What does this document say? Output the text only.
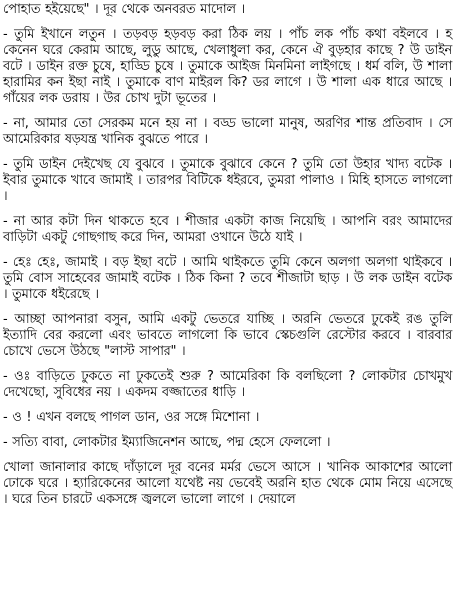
পোহাত হইয়েছে" । দূর থেকে অনবরত মাদোল ।

- তুমি ইখানে লতুন । তড়বড় হড়বড় করা ঠিক লয় । পাঁচ লক পাঁচ কথা বইলবে । হ কেনেন ঘরে কেরাম আছে, লুডু আছে, খেলাধুলা কর, কেনে ঐ বুড়হার কাছে ? উ ডাইন বটে । ডাইন রক্ত চুষে, হাড্ডি চুষে । তুমাকে আইজ মিনমিনা লাইগছে । ধর্ম বলি, উ শালা হারামির কন ইছা নাই । তুমাকে বাণ মাইরল কি? ডর লাগে । উ শালা এক ধারে আছে । গাঁয়ের লক ডরায় । উর চোখ দুটা ভূতের ।

- না, আমার তো সেরকম মনে হয় না । বড্ড ভালো মানুষ, অরণির শান্ত প্রতিবাদ । সে আমেরিকার ষড়যন্ত্র খানিক বুঝতে পারে ।

- তুমি ডাইন দেইখেছ যে বুঝবে । তুমাকে বুঝাবে কেনে ? তুমি তো উহার খাদ্য বটেক । ইবার তুমাকে খাবে জামাই । তারপর বিটিকে ধইরবে, তুমরা পালাও । মিহি হাসতে লাগলো ।

- না আর কটা দিন থাকতে হবে । শীজার একটা কাজ নিয়েছি । আপনি বরং আমাদের বাড়িটা একটু গোছগাছ করে দিন, আমরা ওখানে উঠে যাই ।

- হেঃ হেঃ, জামাই । বড় ইছা বটে । আমি থাইকতে তুমি কেনে অলগা অলগা থাইকবে । তুমি বোস সাহেবের জামাই বটেক । ঠিক কিনা ? তবে শীজাটা ছাড় । উ লক ডাইন বটেক । তুমাকে ধইরেছে ।

- আচ্ছা আপনারা বসুন, আমি একটু ভেতরে যাচ্ছি । অরনি ভেতরে ঢুকেই রঙ তুলি ইত্যাদি বের করলো এবং ভাবতে লাগলো কি ভাবে স্কেচগুলি রেস্টোর করবে । বারবার চোখে ভেসে উঠছে "লাস্ট সাপার" ।

- ওঃ বাড়িতে ঢুকতে না ঢুকতেই শুরু ? আমেরিকা কি বলছিলো ? লোকটার চোখমুখ দেখেছো, সুবিধের নয় । একদম বজ্জাতের ধাড়ি ।

- ও ! এখন বলছে পাগল ডান, ওর সঙ্গে মিশোনা ।

- সত্যি বাবা, লোকটার ইম্যাজিনেশন আছে, পদ্ম হেসে ফেললো ।

খোলা জানালার কাছে দাঁড়ালে দূর বনের মর্মর ভেসে আসে । খানিক আকাশের আলো ঢোকে ঘরে । হ্যারিকেনের আলো যথেষ্ট নয় ভেবেই অরনি হাত থেকে মোম নিয়ে এসেছে । ঘরে তিন চারটে একসঙ্গে জ্বললে ভালো লাগে । দেয়ালে
